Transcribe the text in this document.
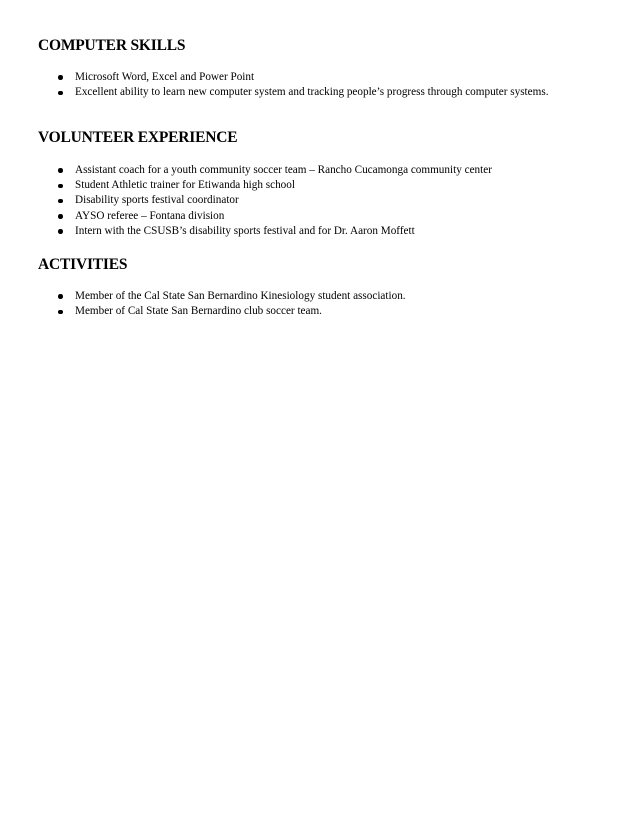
COMPUTER SKILLS
Microsoft Word, Excel and Power Point
Excellent ability to learn new computer system and tracking people’s progress through computer systems.
VOLUNTEER EXPERIENCE
Assistant coach for a youth community soccer team – Rancho Cucamonga community center
Student Athletic trainer for Etiwanda high school
Disability sports festival coordinator
AYSO referee – Fontana division
Intern with the CSUSB’s disability sports festival and for Dr. Aaron Moffett
ACTIVITIES
Member of the Cal State San Bernardino Kinesiology student association.
Member of Cal State San Bernardino club soccer team.
